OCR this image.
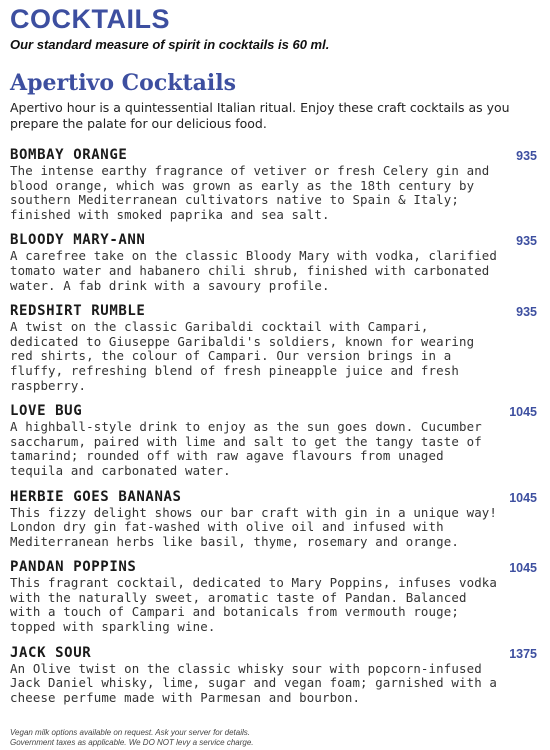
COCKTAILS
Our standard measure of spirit in cocktails is 60 ml.
Apertivo Cocktails
Apertivo hour is a quintessential Italian ritual. Enjoy these craft cocktails as you prepare the palate for our delicious food.
BOMBAY ORANGE	935
The intense earthy fragrance of vetiver or fresh Celery gin and blood orange, which was grown as early as the 18th century by southern Mediterranean cultivators native to Spain & Italy; finished with smoked paprika and sea salt.
BLOODY MARY-ANN	935
A carefree take on the classic Bloody Mary with vodka, clarified tomato water and habanero chili shrub, finished with carbonated water. A fab drink with a savoury profile.
REDSHIRT RUMBLE	935
A twist on the classic Garibaldi cocktail with Campari, dedicated to Giuseppe Garibaldi's soldiers, known for wearing red shirts, the colour of Campari. Our version brings in a fluffy, refreshing blend of fresh pineapple juice and fresh raspberry.
LOVE BUG	1045
A highball-style drink to enjoy as the sun goes down. Cucumber saccharum, paired with lime and salt to get the tangy taste of tamarind; rounded off with raw agave flavours from unaged tequila and carbonated water.
HERBIE GOES BANANAS	1045
This fizzy delight shows our bar craft with gin in a unique way! London dry gin fat-washed with olive oil and infused with Mediterranean herbs like basil, thyme, rosemary and orange.
PANDAN POPPINS	1045
This fragrant cocktail, dedicated to Mary Poppins, infuses vodka with the naturally sweet, aromatic taste of Pandan. Balanced with a touch of Campari and botanicals from vermouth rouge; topped with sparkling wine.
JACK SOUR	1375
An Olive twist on the classic whisky sour with popcorn-infused Jack Daniel whisky, lime, sugar and vegan foam; garnished with a cheese perfume made with Parmesan and bourbon.
Vegan milk options available on request. Ask your server for details.
Government taxes as applicable. We DO NOT levy a service charge.
